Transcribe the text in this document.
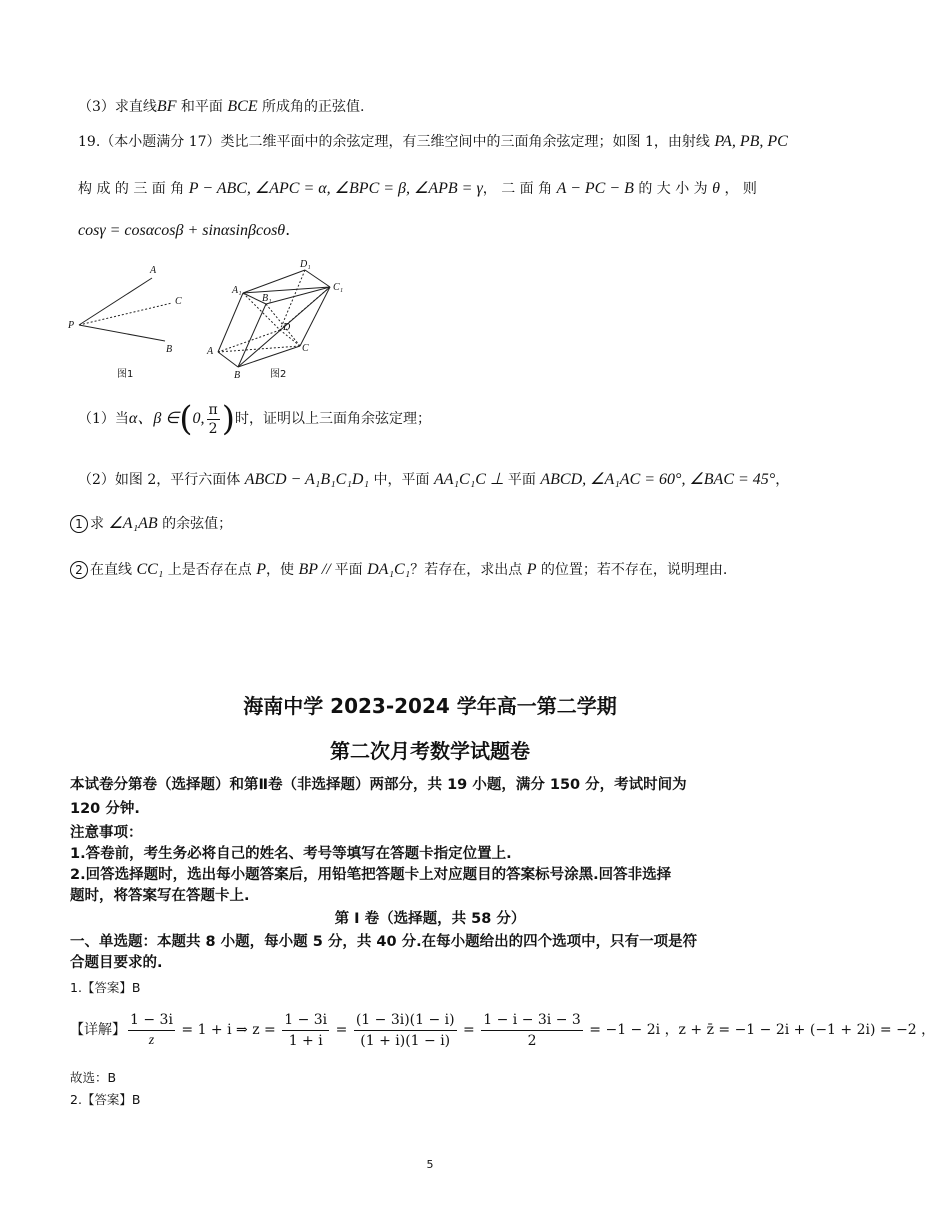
（3）求直线BF 和平面 BCE 所成角的正弦值.
19.（本小题满分 17）类比二维平面中的余弦定理，有三维空间中的三面角余弦定理；如图 1，由射线 PA, PB, PC
构 成 的 三 面 角 P − ABC, ∠APC = α, ∠BPC = β, ∠APB = γ， 二 面 角 A − PC − B 的 大 小 为 θ ， 则
cosγ = cosαcosβ + sinαsinβcosθ.
A
C
P
B
图1
D₁
A₁
B₁
C₁
D
A	C
B	图2
（1）当α、β ∈(0, $\frac{\pi}{2}$ )时，证明以上三面角余弦定理；
（2）如图 2，平行六面体 ABCD − A₁B₁C₁D₁ 中，平面 AA₁C₁C ⊥ 平面 ABCD, ∠A₁AC = 60°, ∠BAC = 45°，
1 求 ∠A₁AB 的余弦值；
2 在直线 CC₁ 上是否存在点 P，使 BP // 平面 DA₁C₁？若存在，求出点 P 的位置；若不存在，说明理由.
海南中学 2023-2024 学年高一第二学期
第二次月考数学试题卷
本试卷分第卷（选择题）和第Ⅱ卷（非选择题）两部分，共 19 小题，满分 150 分，考试时间为
120 分钟.
注意事项：
1.答卷前，考生务必将自己的姓名、考号等填写在答题卡指定位置上.
2.回答选择题时，选出每小题答案后，用铅笔把答题卡上对应题目的答案标号涂黑.回答非选择
题时，将答案写在答题卡上.
第 I 卷（选择题，共 58 分）
一、单选题：本题共 8 小题，每小题 5 分，共 40 分.在每小题给出的四个选项中，只有一项是符
合题目要求的.
1.【答案】B
【详解】 $\frac{1 - 3i}{z} = 1 + i$ ⇒ $z = \frac{1 - 3i}{1 + i} = \frac{(1 - 3i)(1 - i)}{(1 + i)(1 - i)} = \frac{1 - i - 3i - 3}{2} = -1 - 2i$ ，z + z̄ = −1 − 2i + (−1 + 2i) = −2 ，
故选：B
2.【答案】B
5
